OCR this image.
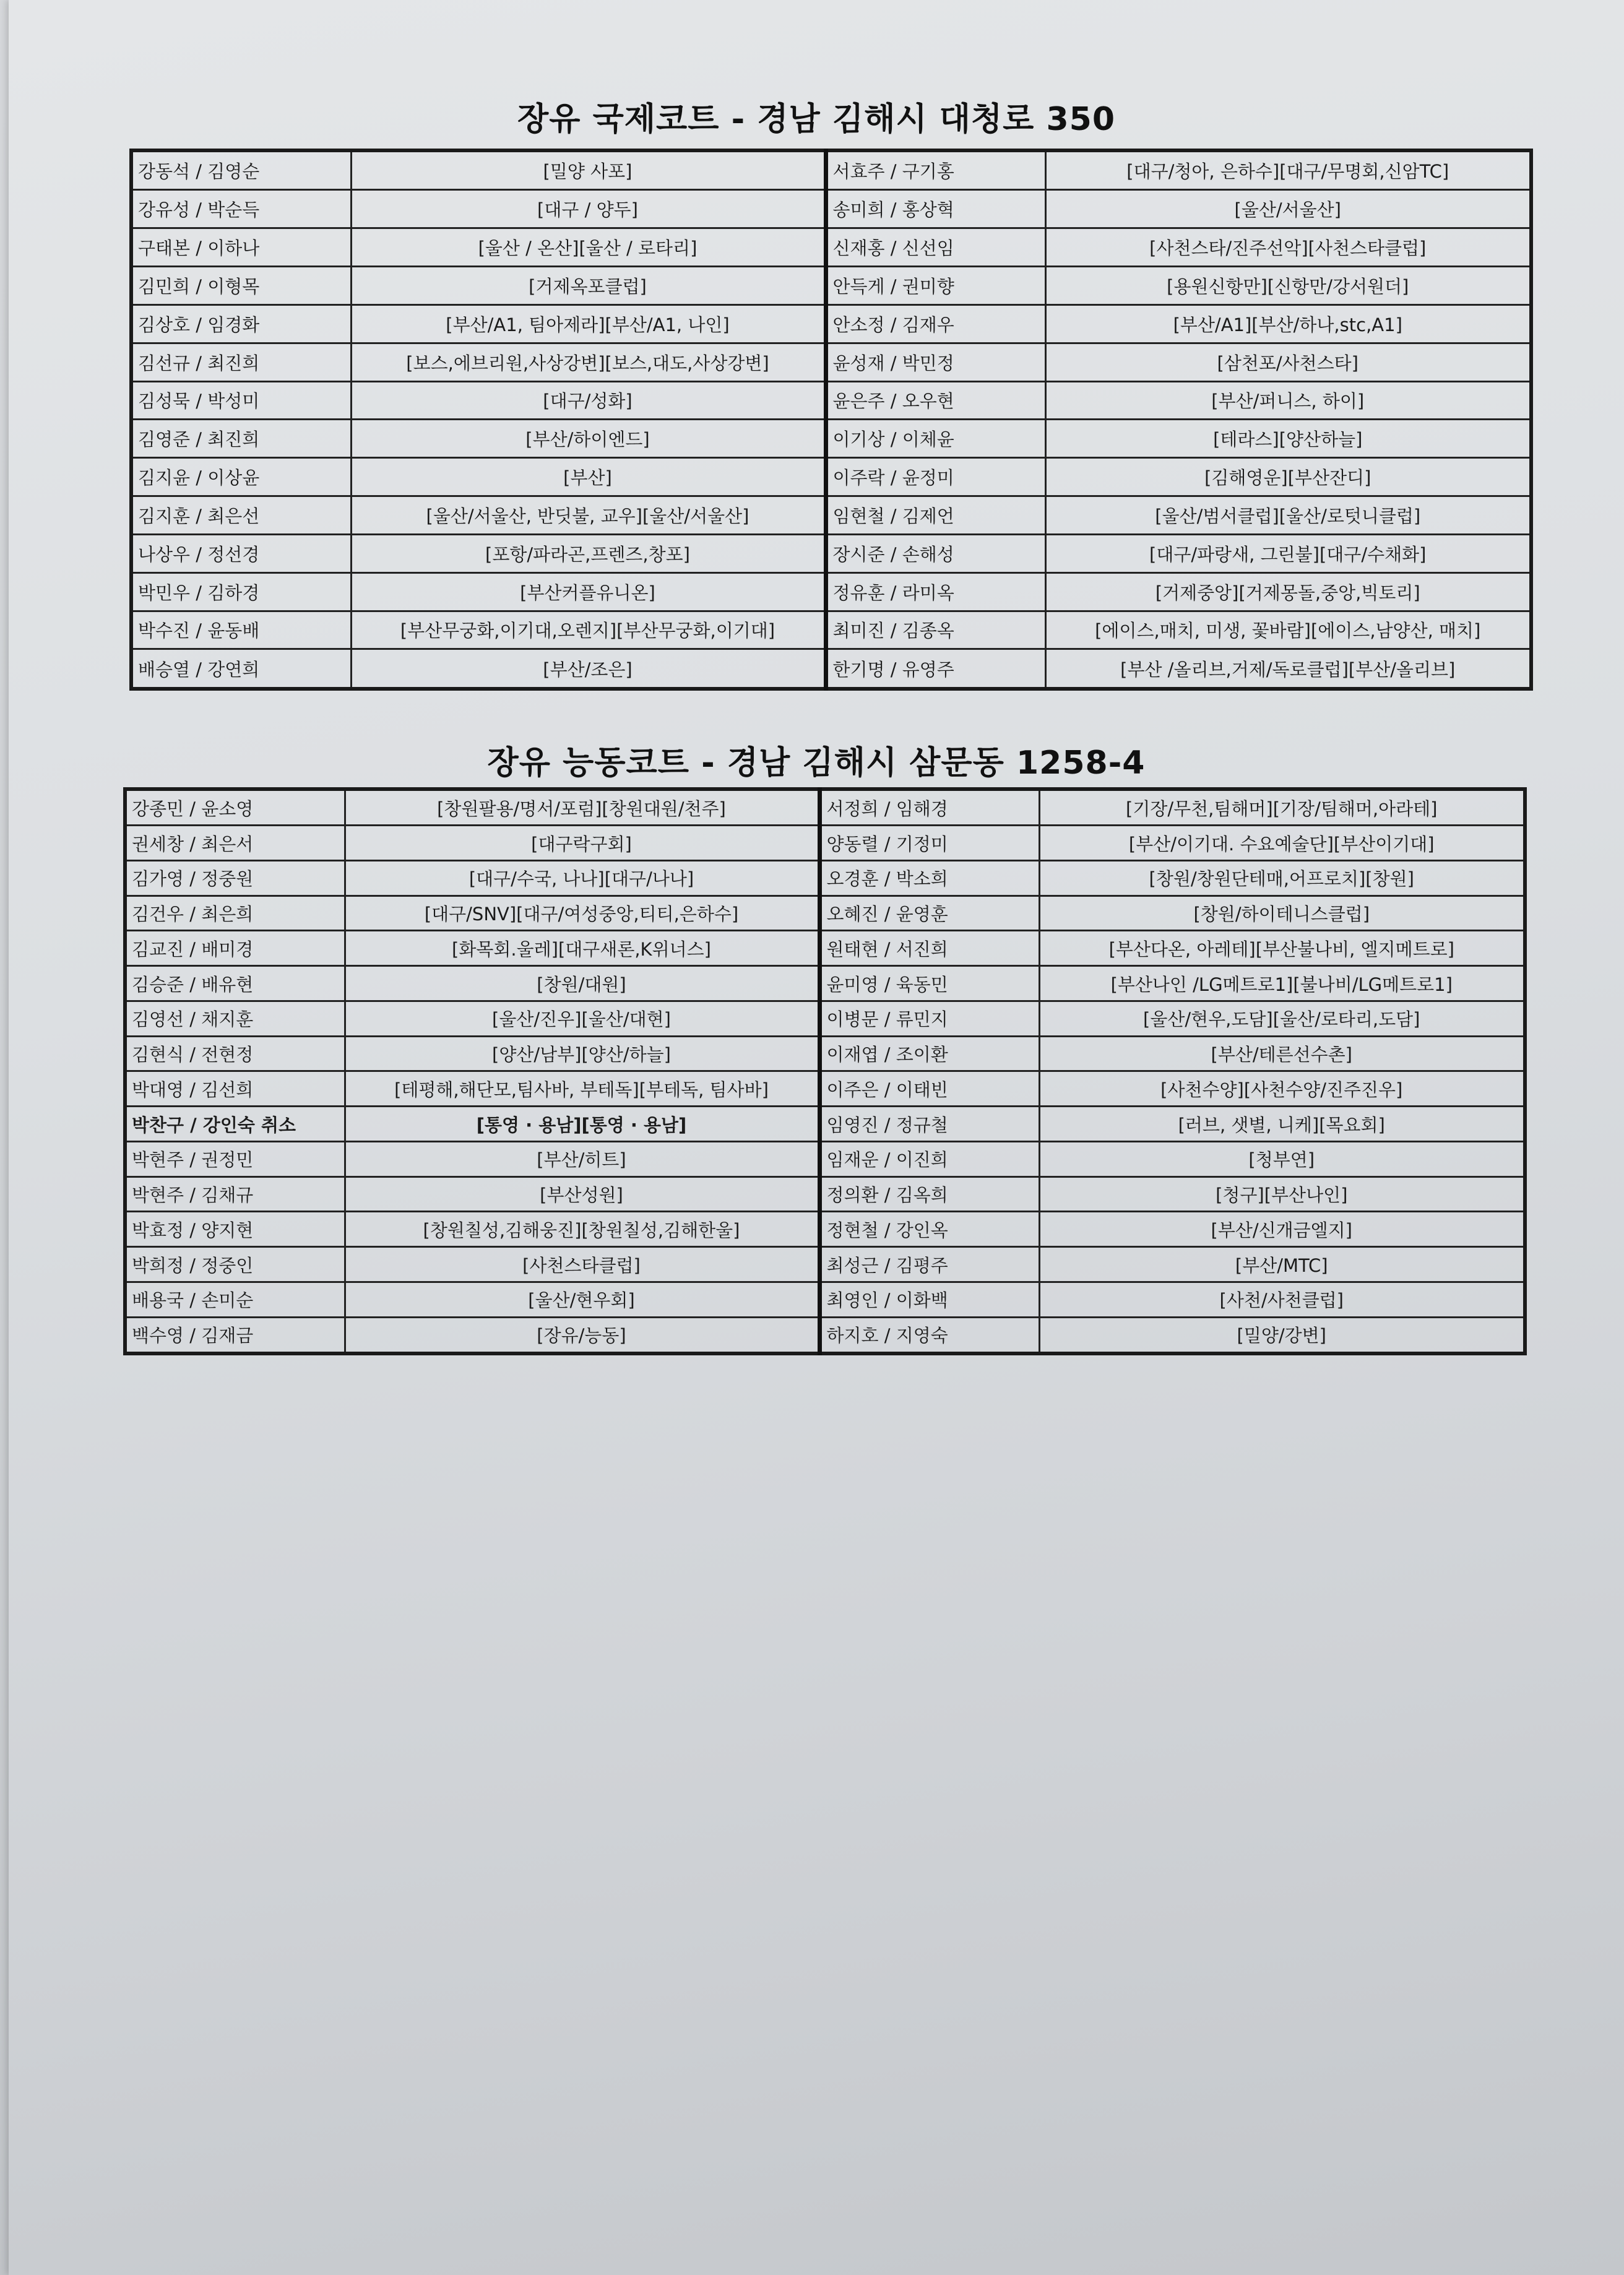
장유 국제코트 - 경남 김해시 대청로 350
강동석 / 김영순	[밀양 사포]	서효주 / 구기홍	[대구/청아, 은하수][대구/무명회,신암TC]
강유성 / 박순득	[대구 / 양두]	송미희 / 홍상혁	[울산/서울산]
구태본 / 이하나	[울산 / 온산][울산 / 로타리]	신재홍 / 신선임	[사천스타/진주선악][사천스타클럽]
김민희 / 이형목	[거제옥포클럽]	안득게 / 권미향	[용원신항만][신항만/강서원더]
김상호 / 임경화	[부산/A1, 팀아제라][부산/A1, 나인]	안소정 / 김재우	[부산/A1][부산/하나,stc,A1]
김선규 / 최진희	[보스,에브리원,사상강변][보스,대도,사상강변]	윤성재 / 박민정	[삼천포/사천스타]
김성묵 / 박성미	[대구/성화]	윤은주 / 오우현	[부산/퍼니스, 하이]
김영준 / 최진희	[부산/하이엔드]	이기상 / 이체윤	[테라스][양산하늘]
김지윤 / 이상윤	[부산]	이주락 / 윤정미	[김해영운][부산잔디]
김지훈 / 최은선	[울산/서울산, 반딧불, 교우][울산/서울산]	임현철 / 김제언	[울산/범서클럽][울산/로텃니클럽]
나상우 / 정선경	[포항/파라곤,프렌즈,창포]	장시준 / 손해성	[대구/파랑새, 그린불][대구/수채화]
박민우 / 김하경	[부산커플유니온]	정유훈 / 라미옥	[거제중앙][거제몽돌,중앙,빅토리]
박수진 / 윤동배	[부산무궁화,이기대,오렌지][부산무궁화,이기대]	최미진 / 김종옥	[에이스,매치, 미생, 꽃바람][에이스,남양산, 매치]
배승열 / 강연희	[부산/조은]	한기명 / 유영주	[부산 /올리브,거제/독로클럽][부산/올리브]
장유 능동코트 - 경남 김해시 삼문동 1258-4
강종민 / 윤소영	[창원팔용/명서/포럼][창원대원/천주]	서정희 / 임해경	[기장/무천,팀해머][기장/팀해머,아라테]
권세창 / 최은서	[대구락구회]	양동렬 / 기정미	[부산/이기대. 수요예술단][부산이기대]
김가영 / 정중원	[대구/수국, 나나][대구/나나]	오경훈 / 박소희	[창원/창원단테매,어프로치][창원]
김건우 / 최은희	[대구/SNV][대구/여성중앙,티티,은하수]	오혜진 / 윤영훈	[창원/하이테니스클럽]
김교진 / 배미경	[화목회.울레][대구새론,K위너스]	원태현 / 서진희	[부산다온, 아레테][부산불나비, 엘지메트로]
김승준 / 배유현	[창원/대원]	윤미영 / 육동민	[부산나인 /LG메트로1][불나비/LG메트로1]
김영선 / 채지훈	[울산/진우][울산/대현]	이병문 / 류민지	[울산/현우,도담][울산/로타리,도담]
김현식 / 전현정	[양산/남부][양산/하늘]	이재엽 / 조이환	[부산/테른선수촌]
박대영 / 김선희	[테평해,해단모,팀사바, 부테독][부테독, 팀사바]	이주은 / 이태빈	[사천수양][사천수양/진주진우]
박찬구 / 강인숙 취소	[통영 · 용남][통영 · 용남]	임영진 / 정규철	[러브, 샛별, 니케][목요회]
박현주 / 권정민	[부산/히트]	임재운 / 이진희	[청부연]
박현주 / 김채규	[부산성원]	정의환 / 김옥희	[청구][부산나인]
박효정 / 양지현	[창원칠성,김해웅진][창원칠성,김해한울]	정현철 / 강인옥	[부산/신개금엘지]
박희정 / 정중인	[사천스타클럽]	최성근 / 김평주	[부산/MTC]
배용국 / 손미순	[울산/현우회]	최영인 / 이화백	[사천/사천클럽]
백수영 / 김재금	[장유/능동]	하지호 / 지영숙	[밀양/강변]
